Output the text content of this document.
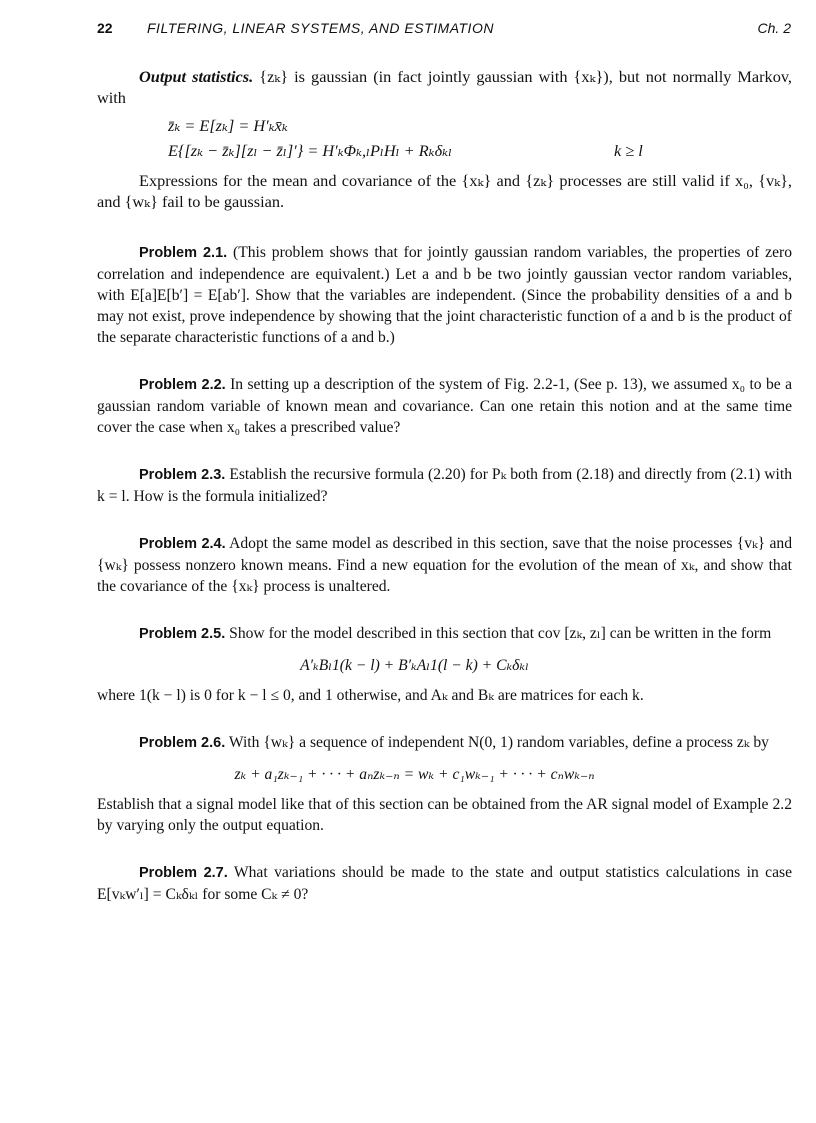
22 FILTERING, LINEAR SYSTEMS, AND ESTIMATION	Ch. 2

Output statistics. {zₖ} is gaussian (in fact jointly gaussian with {xₖ}), but not normally Markov, with

z̄ₖ = E[zₖ] = H′ₖx̄ₖ
E{[zₖ − z̄ₖ][zₗ − z̄ₗ]′} = H′ₖΦₖ,ₗPₗHₗ + Rₖδₖₗ	k ≥ l

Expressions for the mean and covariance of the {xₖ} and {zₖ} processes are still valid if x₀, {vₖ}, and {wₖ} fail to be gaussian.

Problem 2.1. (This problem shows that for jointly gaussian random variables, the properties of zero correlation and independence are equivalent.) Let a and b be two jointly gaussian vector random variables, with E[a]E[b′] = E[ab′]. Show that the variables are independent. (Since the probability densities of a and b may not exist, prove independence by showing that the joint characteristic function of a and b is the product of the separate characteristic functions of a and b.)

Problem 2.2. In setting up a description of the system of Fig. 2.2-1, (See p. 13), we assumed x₀ to be a gaussian random variable of known mean and covariance. Can one retain this notion and at the same time cover the case when x₀ takes a prescribed value?

Problem 2.3. Establish the recursive formula (2.20) for Pₖ both from (2.18) and directly from (2.1) with k = l. How is the formula initialized?

Problem 2.4. Adopt the same model as described in this section, save that the noise processes {vₖ} and {wₖ} possess nonzero known means. Find a new equation for the evolution of the mean of xₖ, and show that the covariance of the {xₖ} process is unaltered.

Problem 2.5. Show for the model described in this section that cov [zₖ, zₗ] can be written in the form

A′ₖBₗ1(k − l) + B′ₖAₗ1(l − k) + Cₖδₖₗ

where 1(k − l) is 0 for k − l ≤ 0, and 1 otherwise, and Aₖ and Bₖ are matrices for each k.

Problem 2.6. With {wₖ} a sequence of independent N(0, 1) random variables, define a process zₖ by

zₖ + a₁zₖ₋₁ + · · · + aₙzₖ₋ₙ = wₖ + c₁wₖ₋₁ + · · · + cₙwₖ₋ₙ

Establish that a signal model like that of this section can be obtained from the AR signal model of Example 2.2 by varying only the output equation.

Problem 2.7. What variations should be made to the state and output statistics calculations in case E[vₖw′ₗ] = Cₖδₖₗ for some Cₖ ≠ 0?
